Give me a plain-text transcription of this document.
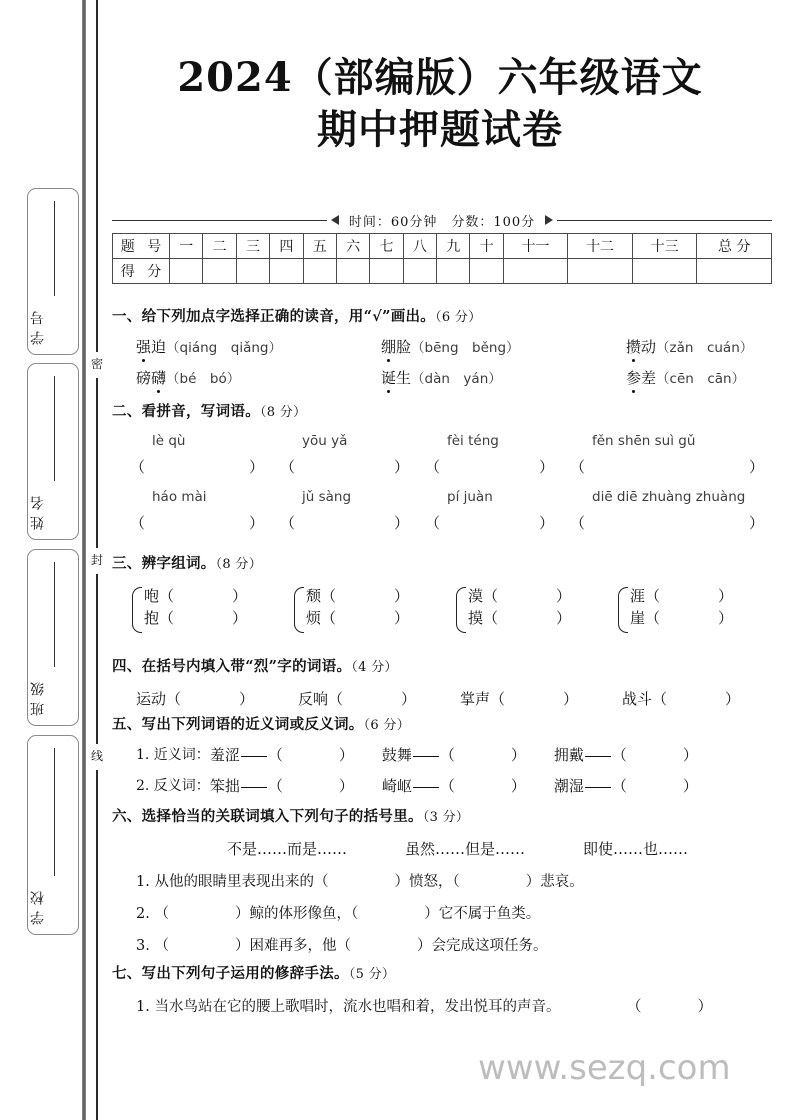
密
封
线
学号
姓名
班级
学校
2024（部编版）六年级语文
期中押题试卷
时间：60分钟　分数：100分
题 号	一	二	三	四	五	六	七	八	九	十	十一	十二	十三	总 分
得 分														
一、给下列加点字选择正确的读音，用“√”画出。（6 分）
强迫（qiáng　qiǎng）	绷脸（bēng　běng）	攒动（zǎn　cuán）
磅礴（bé　bó）	诞生（dàn　yán）	参差（cēn　cān）
二、看拼音，写词语。（8 分）
lè qù	yōu yǎ	fèi téng	fěn shēn suì gǔ
（	） （	） （	） （	）
háo mài	jǔ sàng	pí juàn	diē diē zhuàng zhuàng
（	） （	） （	） （	）
三、辨字组词。（8 分）
咆（	）
抱（	）
颓（	）
烦（	）
漠（	）
摸（	）
涯（	）
崖（	）
四、在括号内填入带“烈”字的词语。（4 分）
运动（	）	反响（	）	掌声（	）	战斗（	）
五、写出下列词语的近义词或反义词。（6 分）
1. 近义词：羞涩 （	） 鼓舞 （	） 拥戴 （	）
2. 反义词：笨拙 （	） 崎岖 （	） 潮湿 （	）
六、选择恰当的关联词填入下列句子的括号里。（3 分）
不是……而是……	虽然……但是……	即使……也……
1. 从他的眼睛里表现出来的（	）愤怒，（	）悲哀。
2. （	）鲸的体形像鱼，（	）它不属于鱼类。
3. （	）困难再多，他（	）会完成这项任务。
七、写出下列句子运用的修辞手法。（5 分）
1. 当水鸟站在它的腰上歌唱时，流水也唱和着，发出悦耳的声音。	（	）
www.sezq.com
